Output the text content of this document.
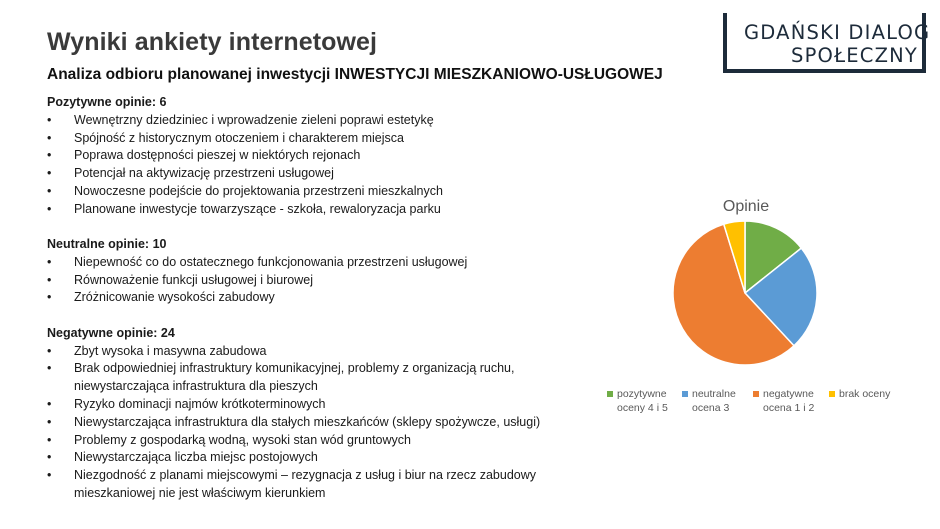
Wyniki ankiety internetowej
Analiza odbioru planowanej inwestycji INWESTYCJI MIESZKANIOWO-USŁUGOWEJ
GDAŃSKI DIALOG
SPOŁECZNY

Pozytywne opinie: 6

• Wewnętrzny dziedziniec i wprowadzenie zieleni poprawi estetykę
• Spójność z historycznym otoczeniem i charakterem miejsca
• Poprawa dostępności pieszej w niektórych rejonach
• Potencjał na aktywizację przestrzeni usługowej
• Nowoczesne podejście do projektowania przestrzeni mieszkalnych
• Planowane inwestycje towarzyszące - szkoła, rewaloryzacja parku

Neutralne opinie: 10

• Niepewność co do ostatecznego funkcjonowania przestrzeni usługowej
• Równoważenie funkcji usługowej i biurowej
• Zróżnicowanie wysokości zabudowy

Negatywne opinie: 24

• Zbyt wysoka i masywna zabudowa
• Brak odpowiedniej infrastruktury komunikacyjnej, problemy z organizacją ruchu, niewystarczająca infrastruktura dla pieszych
• Ryzyko dominacji najmów krótkoterminowych
• Niewystarczająca infrastruktura dla stałych mieszkańców (sklepy spożywcze, usługi)
• Problemy z gospodarką wodną, wysoki stan wód gruntowych
• Niewystarczająca liczba miejsc postojowych
• Niezgodność z planami miejscowymi – rezygnacja z usług i biur na rzecz zabudowy mieszkaniowej nie jest właściwym kierunkiem

Opinie

pozytywne
oceny 4 i 5
neutralne
ocena 3
negatywne
ocena 1 i 2
brak oceny
